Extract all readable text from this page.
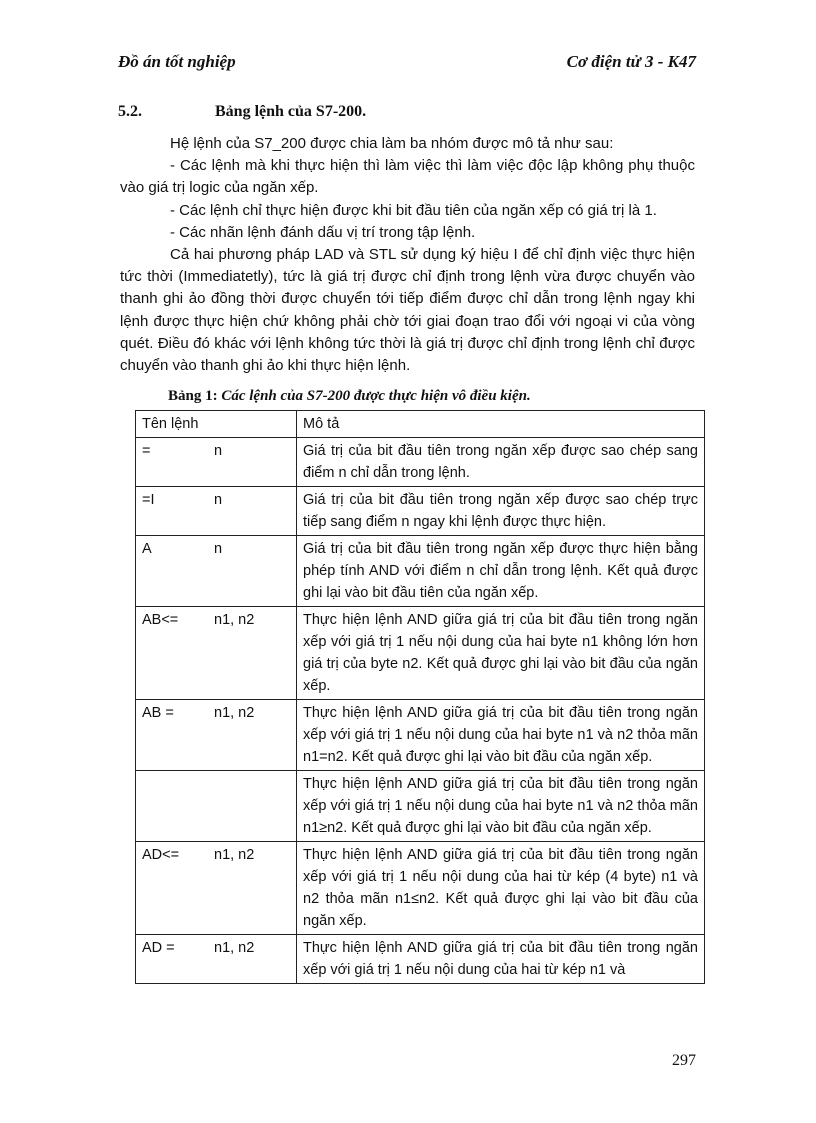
Đồ án tốt nghiệp	Cơ điện tử 3 - K47
5.2.	Bảng lệnh của S7-200.

Hệ lệnh của S7_200 được chia làm ba nhóm được mô tả như sau:

- Các lệnh mà khi thực hiện thì làm việc thì làm việc độc lập không phụ thuộc vào giá trị logic của ngăn xếp.

- Các lệnh chỉ thực hiện được khi bit đầu tiên của ngăn xếp có giá trị là 1.

- Các nhãn lệnh đánh dấu vị trí trong tập lệnh.

Cả hai phương pháp LAD và STL sử dụng ký hiệu I để chỉ định việc thực hiện tức thời (Immediatetly), tức là giá trị được chỉ định trong lệnh vừa được chuyển vào thanh ghi ảo đồng thời được chuyển tới tiếp điểm được chỉ dẫn trong lệnh ngay khi lệnh được thực hiện chứ không phải chờ tới giai đoạn trao đổi với ngoại vi của vòng quét. Điều đó khác với lệnh không tức thời là giá trị được chỉ định trong lệnh chỉ được chuyển vào thanh ghi ảo khi thực hiện lệnh.

Bảng 1: Các lệnh của S7-200 được thực hiện vô điều kiện.
Tên lệnh	Mô tả
= n	Giá trị của bit đầu tiên trong ngăn xếp được sao chép sang điểm n chỉ dẫn trong lệnh.
=I n	Giá trị của bit đầu tiên trong ngăn xếp được sao chép trực tiếp sang điểm n ngay khi lệnh được thực hiện.
A n	Giá trị của bit đầu tiên trong ngăn xếp được thực hiện bằng phép tính AND với điểm n chỉ dẫn trong lệnh. Kết quả được ghi lại vào bit đầu tiên của ngăn xếp.
AB<= n1, n2	Thực hiện lệnh AND giữa giá trị của bit đầu tiên trong ngăn xếp với giá trị 1 nếu nội dung của hai byte n1 không lớn hơn giá trị của byte n2. Kết quả được ghi lại vào bit đầu của ngăn xếp.
AB = n1, n2	Thực hiện lệnh AND giữa giá trị của bit đầu tiên trong ngăn xếp với giá trị 1 nếu nội dung của hai byte n1 và n2 thỏa mãn n1=n2. Kết quả được ghi lại vào bit đầu của ngăn xếp.
	Thực hiện lệnh AND giữa giá trị của bit đầu tiên trong ngăn xếp với giá trị 1 nếu nội dung của hai byte n1 và n2 thỏa mãn n1≥n2. Kết quả được ghi lại vào bit đầu của ngăn xếp.
AD<= n1, n2	Thực hiện lệnh AND giữa giá trị của bit đầu tiên trong ngăn xếp với giá trị 1 nếu nội dung của hai từ kép (4 byte) n1 và n2 thỏa mãn n1≤n2. Kết quả được ghi lại vào bit đầu của ngăn xếp.
AD = n1, n2	Thực hiện lệnh AND giữa giá trị của bit đầu tiên trong ngăn xếp với giá trị 1 nếu nội dung của hai từ kép n1 và
297
